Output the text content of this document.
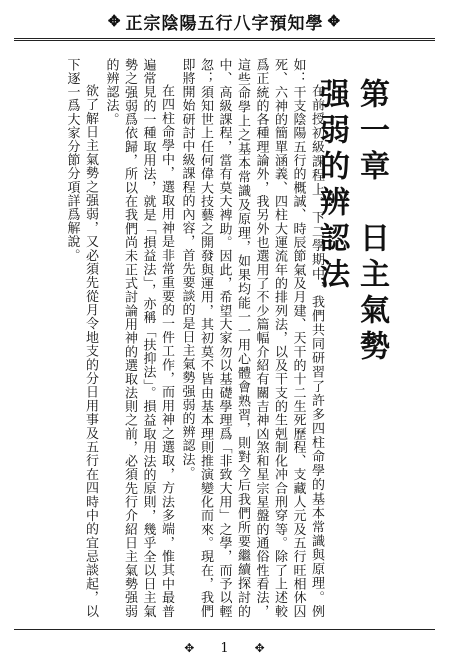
✥ 正宗陰陽五行八字預知學 ✥
第一章　日主氣勢强弱的辨認法

在前授初級課程上、下二學期中，我們共同研習了許多四柱命學的基本常識與原理。例如：干支陰陽五行的概誠、時辰節氣及月建、天干的十二生死歷程、支藏人元及五行旺相休囚死、六神的簡單涵義、四柱大運流年的排列法，以及干支的生剋制化冲合刑穿等。除了上述較爲正統的各種理論外，我另外也選用了不少篇幅介紹有關吉神凶煞和星宗星盤的通俗性看法，這些命學上之基本常識及原理，如果均能一一用心體會熟習，則對今后我們所要繼續探討的中、高級課程，當有莫大裨助。因此，希望大家勿以基礎學理爲「非致大用」之學，而予以輕忽；須知世上任何偉大技藝之開發與運用，其初莫不皆由基本理則推演變化而來。現在，我們即將開始研討中級課程的內容，首先要談的是日主氣勢强弱的辨認法。

在四柱命學中，選取用神是非常重要的一件工作，而用神之選取，方法多端，惟其中最普遍常見的一種取用法，就是「損益法」，亦稱「扶抑法」。損益取用法的原則，幾乎全以日主氣勢之强弱爲依歸，所以在我們尚未正式討論用神的選取法則之前，必須先行介紹日主氣勢强弱的辨認法。

欲了解日主氣勢之强弱，又必須先從月令地支的分日用事及五行在四時中的宜忌談起，以下逐一爲大家分節分項詳爲解說。

✥ 1 ✥
